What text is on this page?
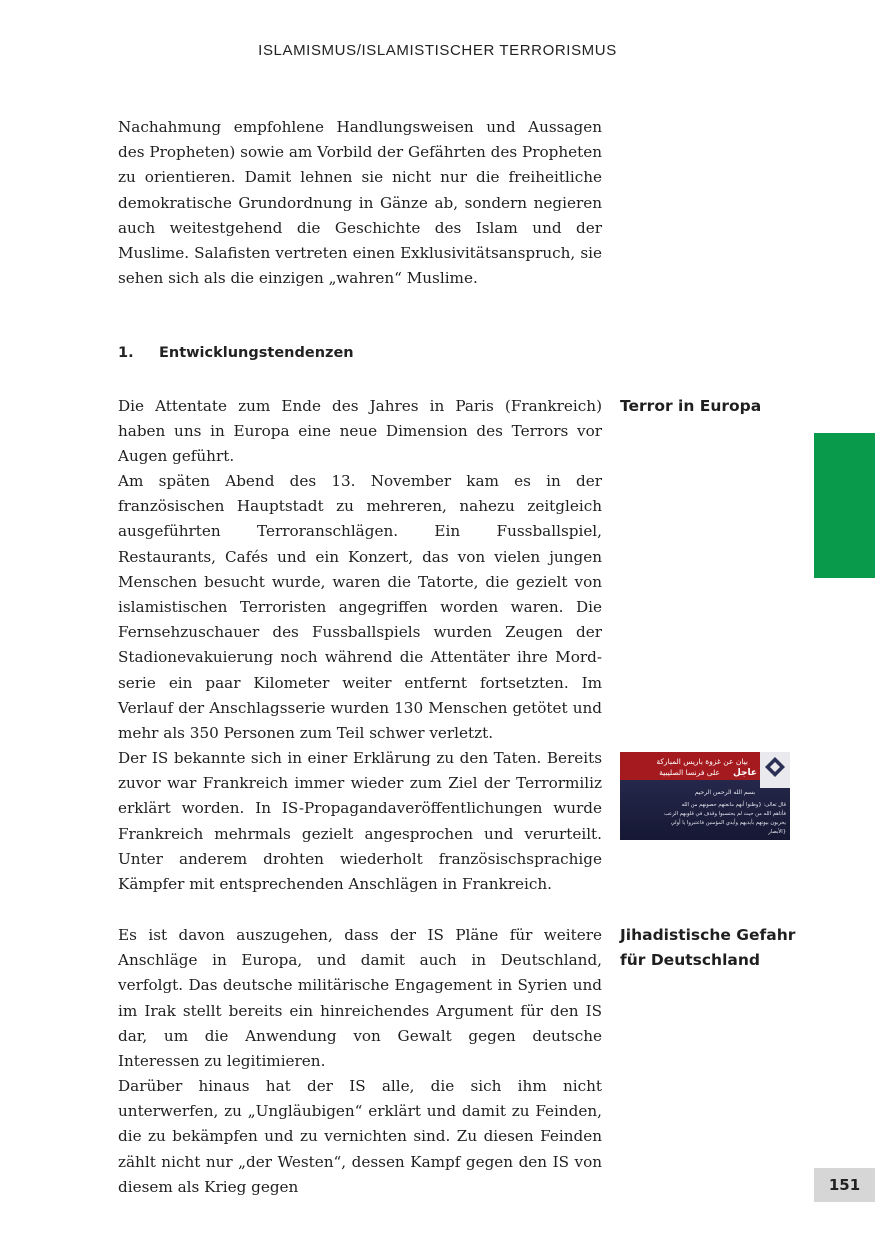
ISLAMISMUS/ISLAMISTISCHER TERRORISMUS

Nachahmung empfohlene Handlungsweisen und Aussagen des Propheten) sowie am Vorbild der Gefährten des Propheten zu orientieren. Damit lehnen sie nicht nur die freiheitliche demokratische Grundordnung in Gänze ab, sondern negieren auch weitestgehend die Geschichte des Islam und der Muslime. Salafisten vertreten einen Exklusivitätsanspruch, sie sehen sich als die einzigen „wahren“ Muslime.

1. Entwicklungstendenzen

Die Attentate zum Ende des Jahres in Paris (Frankreich) haben uns in Europa eine neue Dimension des Terrors vor Augen geführt.

Terror in Europa

Am späten Abend des 13. November kam es in der französischen Hauptstadt zu mehreren, nahezu zeitgleich ausgeführten Terroranschlägen. Ein Fussballspiel, Restaurants, Cafés und ein Konzert, das von vielen jungen Menschen besucht wurde, waren die Tatorte, die gezielt von islamistischen Terroristen angegriffen worden waren. Die Fernsehzuschauer des Fussballspiels wurden Zeugen der Stadionevakuierung noch während die Attentäter ihre Mordserie ein paar Kilometer weiter entfernt fortsetzten. Im Verlauf der Anschlagsserie wurden 130 Menschen getötet und mehr als 350 Personen zum Teil schwer verletzt.

Der IS bekannte sich in einer Erklärung zu den Taten. Bereits zuvor war Frankreich immer wieder zum Ziel der Terrormiliz erklärt worden. In IS-Propagandaveröffentlichungen wurde Frankreich mehrmals gezielt angesprochen und verurteilt. Unter anderem drohten wiederholt französischsprachige Kämpfer mit entsprechenden Anschlägen in Frankreich.

بيان عن غزوة باريس المباركة
على فرنسا الصليبية عاجل
بسم الله الرحمن الرحيم
قال تعالى: {وظنوا أنهم مانعتهم حصونهم من الله
فأتاهم الله من حيث لم يحتسبوا وقذف في قلوبهم الرعب
يخربون بيوتهم بأيديهم وأيدي المؤمنين فاعتبروا يا أولي
الأبصار}

Es ist davon auszugehen, dass der IS Pläne für weitere Anschläge in Europa, und damit auch in Deutschland, verfolgt. Das deutsche militärische Engagement in Syrien und im Irak stellt bereits ein hinreichendes Argument für den IS dar, um die Anwendung von Gewalt gegen deutsche Interessen zu legitimieren.

Jihadistische Gefahr
für Deutschland

Darüber hinaus hat der IS alle, die sich ihm nicht unterwerfen, zu „Ungläubigen“ erklärt und damit zu Feinden, die zu bekämpfen und zu vernichten sind. Zu diesen Feinden zählt nicht nur „der Westen“, dessen Kampf gegen den IS von diesem als Krieg gegen	151
